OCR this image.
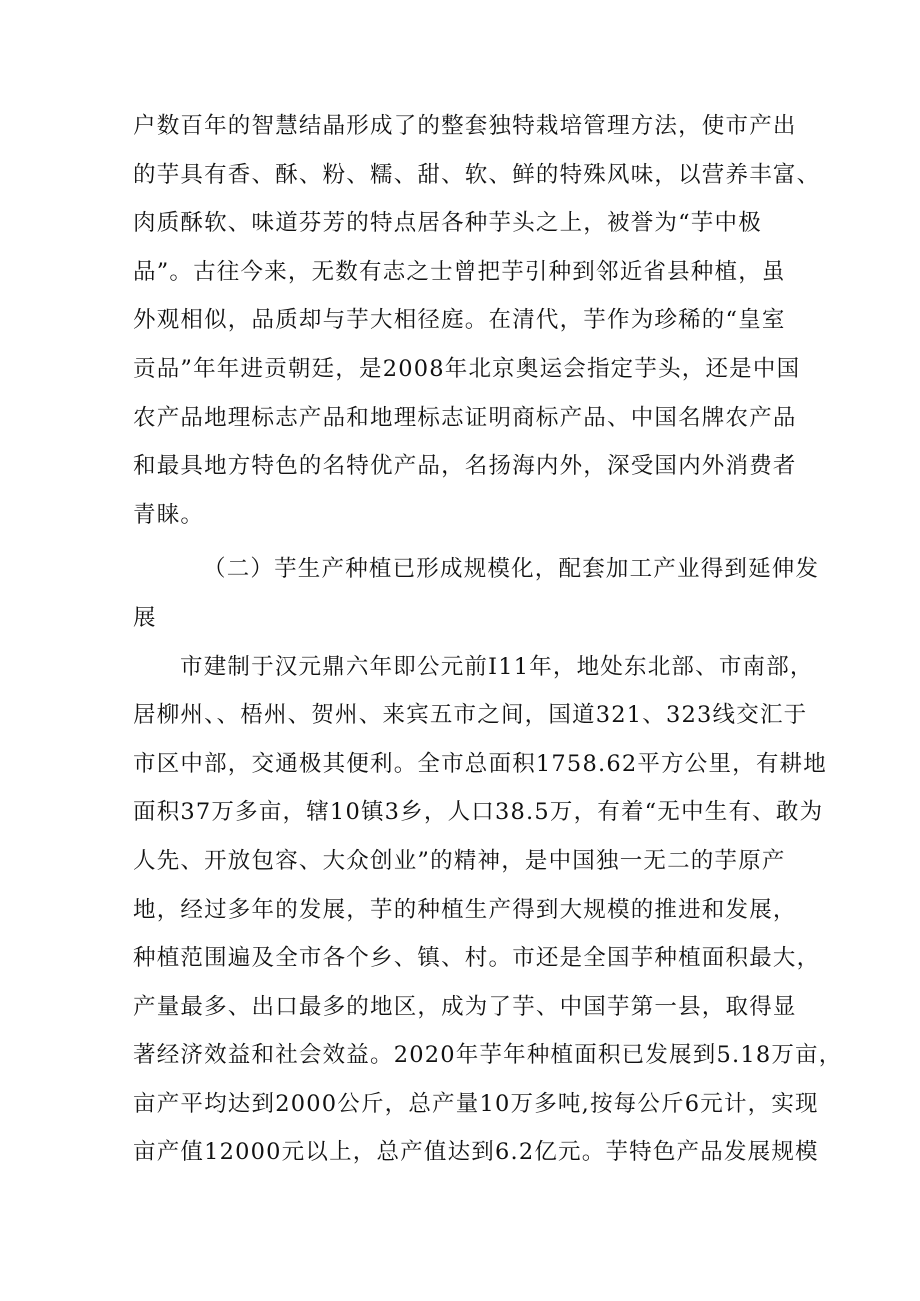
户数百年的智慧结晶形成了的整套独特栽培管理方法，使市产出
的芋具有香、酥、粉、糯、甜、软、鲜的特殊风味，以营养丰富、
肉质酥软、味道芬芳的特点居各种芋头之上，被誉为“芋中极
品”。古往今来，无数有志之士曾把芋引种到邻近省县种植，虽
外观相似，品质却与芋大相径庭。在清代，芋作为珍稀的“皇室
贡品”年年进贡朝廷，是2008年北京奥运会指定芋头，还是中国
农产品地理标志产品和地理标志证明商标产品、中国名牌农产品
和最具地方特色的名特优产品，名扬海内外，深受国内外消费者
青睐。
（二）芋生产种植已形成规模化，配套加工产业得到延伸发
展
市建制于汉元鼎六年即公元前I11年，地处东北部、市南部，
居柳州、、梧州、贺州、来宾五市之间，国道321、323线交汇于
市区中部，交通极其便利。全市总面积1758.62平方公里，有耕地
面积37万多亩，辖10镇3乡，人口38.5万，有着“无中生有、敢为
人先、开放包容、大众创业”的精神，是中国独一无二的芋原产
地，经过多年的发展，芋的种植生产得到大规模的推进和发展，
种植范围遍及全市各个乡、镇、村。市还是全国芋种植面积最大，
产量最多、出口最多的地区，成为了芋、中国芋第一县，取得显
著经济效益和社会效益。2020年芋年种植面积已发展到5.18万亩，
亩产平均达到2000公斤，总产量10万多吨,按每公斤6元计，实现
亩产值12000元以上，总产值达到6.2亿元。芋特色产品发展规模
